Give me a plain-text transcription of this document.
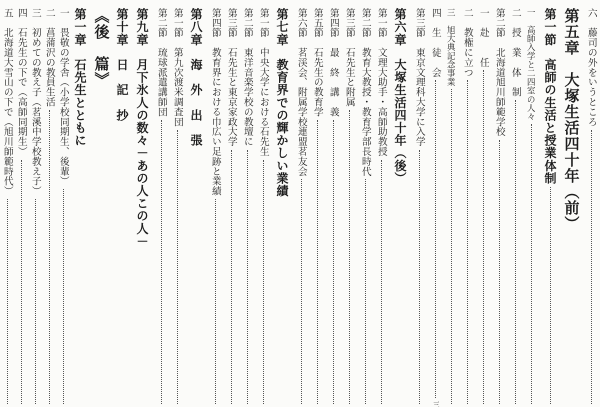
六　藤司の外をいうところ
第五章　大塚生活四十年（前）
第一節　高師の生活と授業体制
一　高師入学と二四室の人々
二　授　業　体　制
第二節　北海道旭川師範学校
一　赴　　任
二　教権に立つ
三　旭大典記念事業
四　生　徒　会
三
第三節　東京文理科大学に入学
第六章　大塚生活四十年（後）
第一節　文理大助手・高師助教授
第二節　教育大教授・教育学部長時代
第三節　石先生と附属
第四節　最　終　講　義
第五節　石先生の教育学
第六節　茗渓会、附属学校連盟茗友会
第七章　教育界での輝かしい業績
第一節　中央大学における石先生
第二節　東洋音楽学校の教壇に
第三節　石先生と東京家政大学
第四節　教育界における巾広い足跡と業績
第八章　海　外　出　張
第一節　第九次渡米調査団
第二節　琉球派遣講師団
第九章　月下氷人の数々－あの人この人－
第十章　日　記　抄
《後　篇》
第一章　石先生とともに
一　畏敬の学舎（小学校同期生、後輩）
二　菖蒲沢の教員生活
三　初めての教え子（茗溪中学校教え子）
四　石先生の下で（高師同期生）
五　北海道大雪山の下で（旭川師範時代）
